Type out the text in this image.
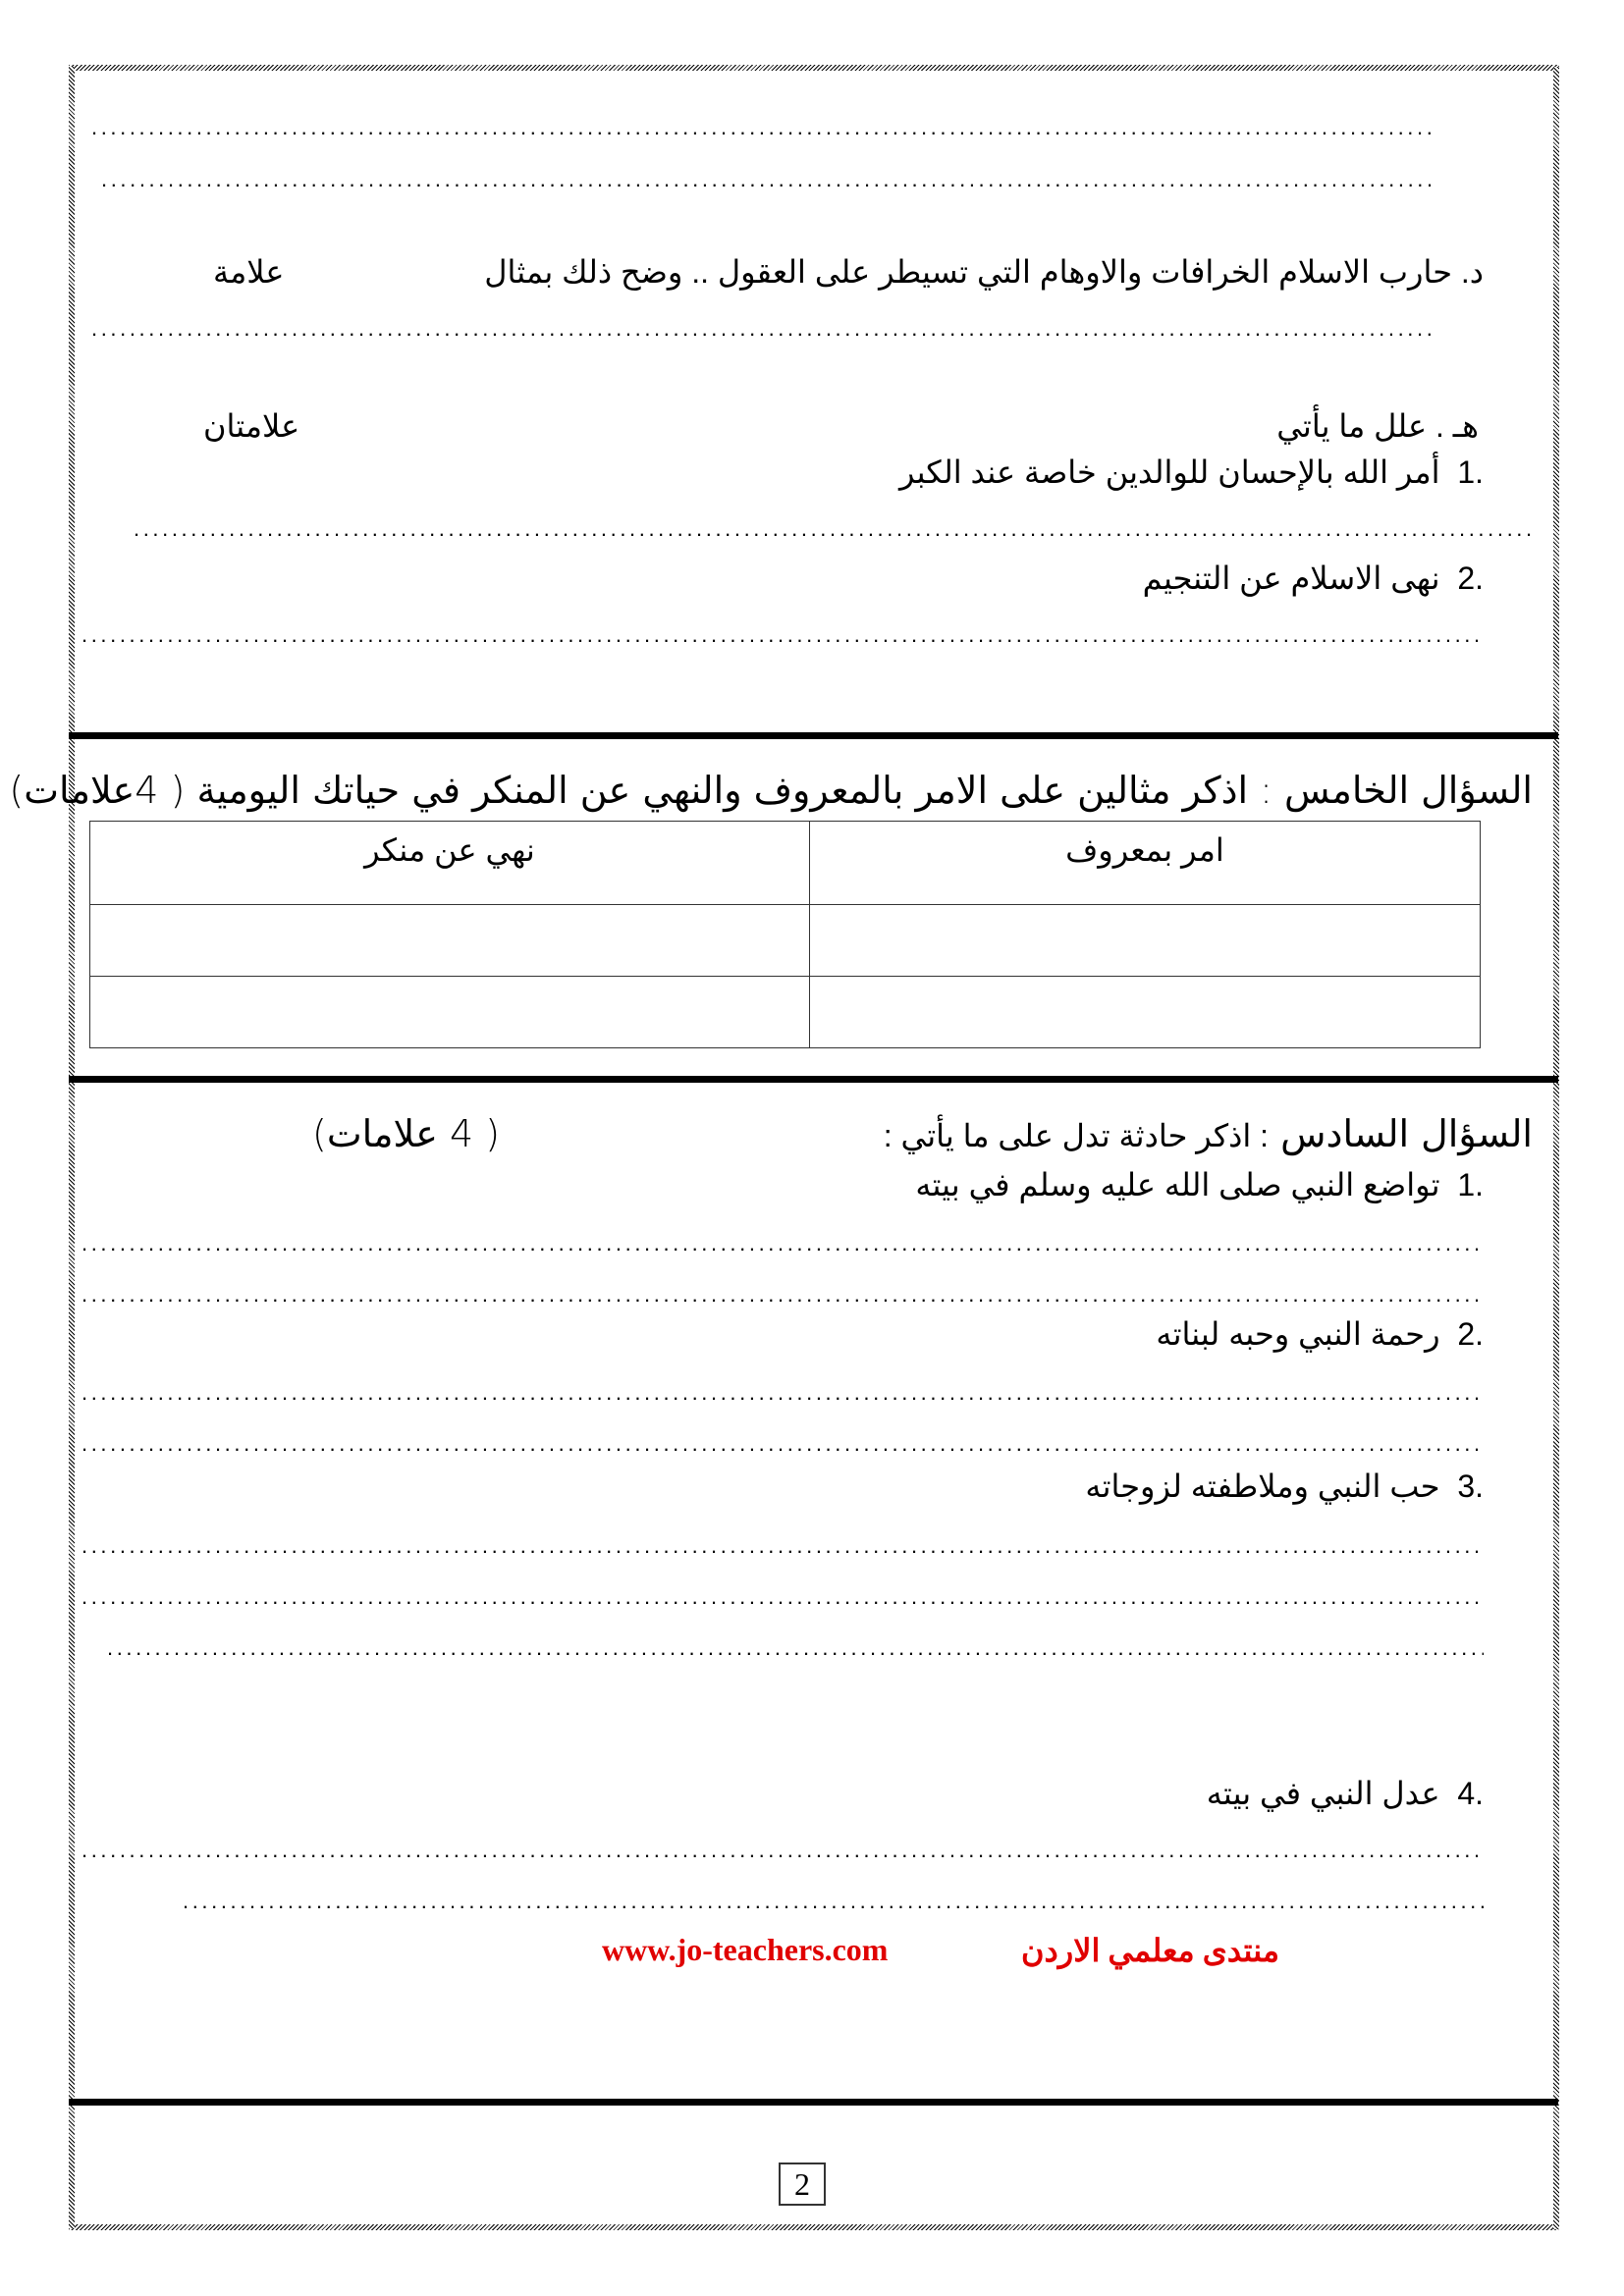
.....
.....
د. حارب الاسلام الخرافات والاوهام التي تسيطر على العقول .. وضح ذلك بمثال
علامة
.....
هـ . علل ما يأتي
علامتان
.1  أمر الله بالإحسان للوالدين خاصة عند الكبر
.....
.2  نهى الاسلام عن التنجيم
.....
السؤال الخامس : اذكر مثالين على الامر بالمعروف والنهي عن المنكر في حياتك اليومية ( 4علامات)
امر بمعروف	نهي عن منكر

السؤال السادس : اذكر حادثة تدل على ما يأتي :
( 4 علامات)
.1  تواضع النبي صلى الله عليه وسلم في بيته
.....
.....
.2  رحمة النبي وحبه لبناته
.....
.....
.3  حب النبي وملاطفته لزوجاته
.....
.....
.....
.4  عدل النبي في بيته
.....
.....
www.jo-teachers.com	منتدى معلمي الاردن
2
